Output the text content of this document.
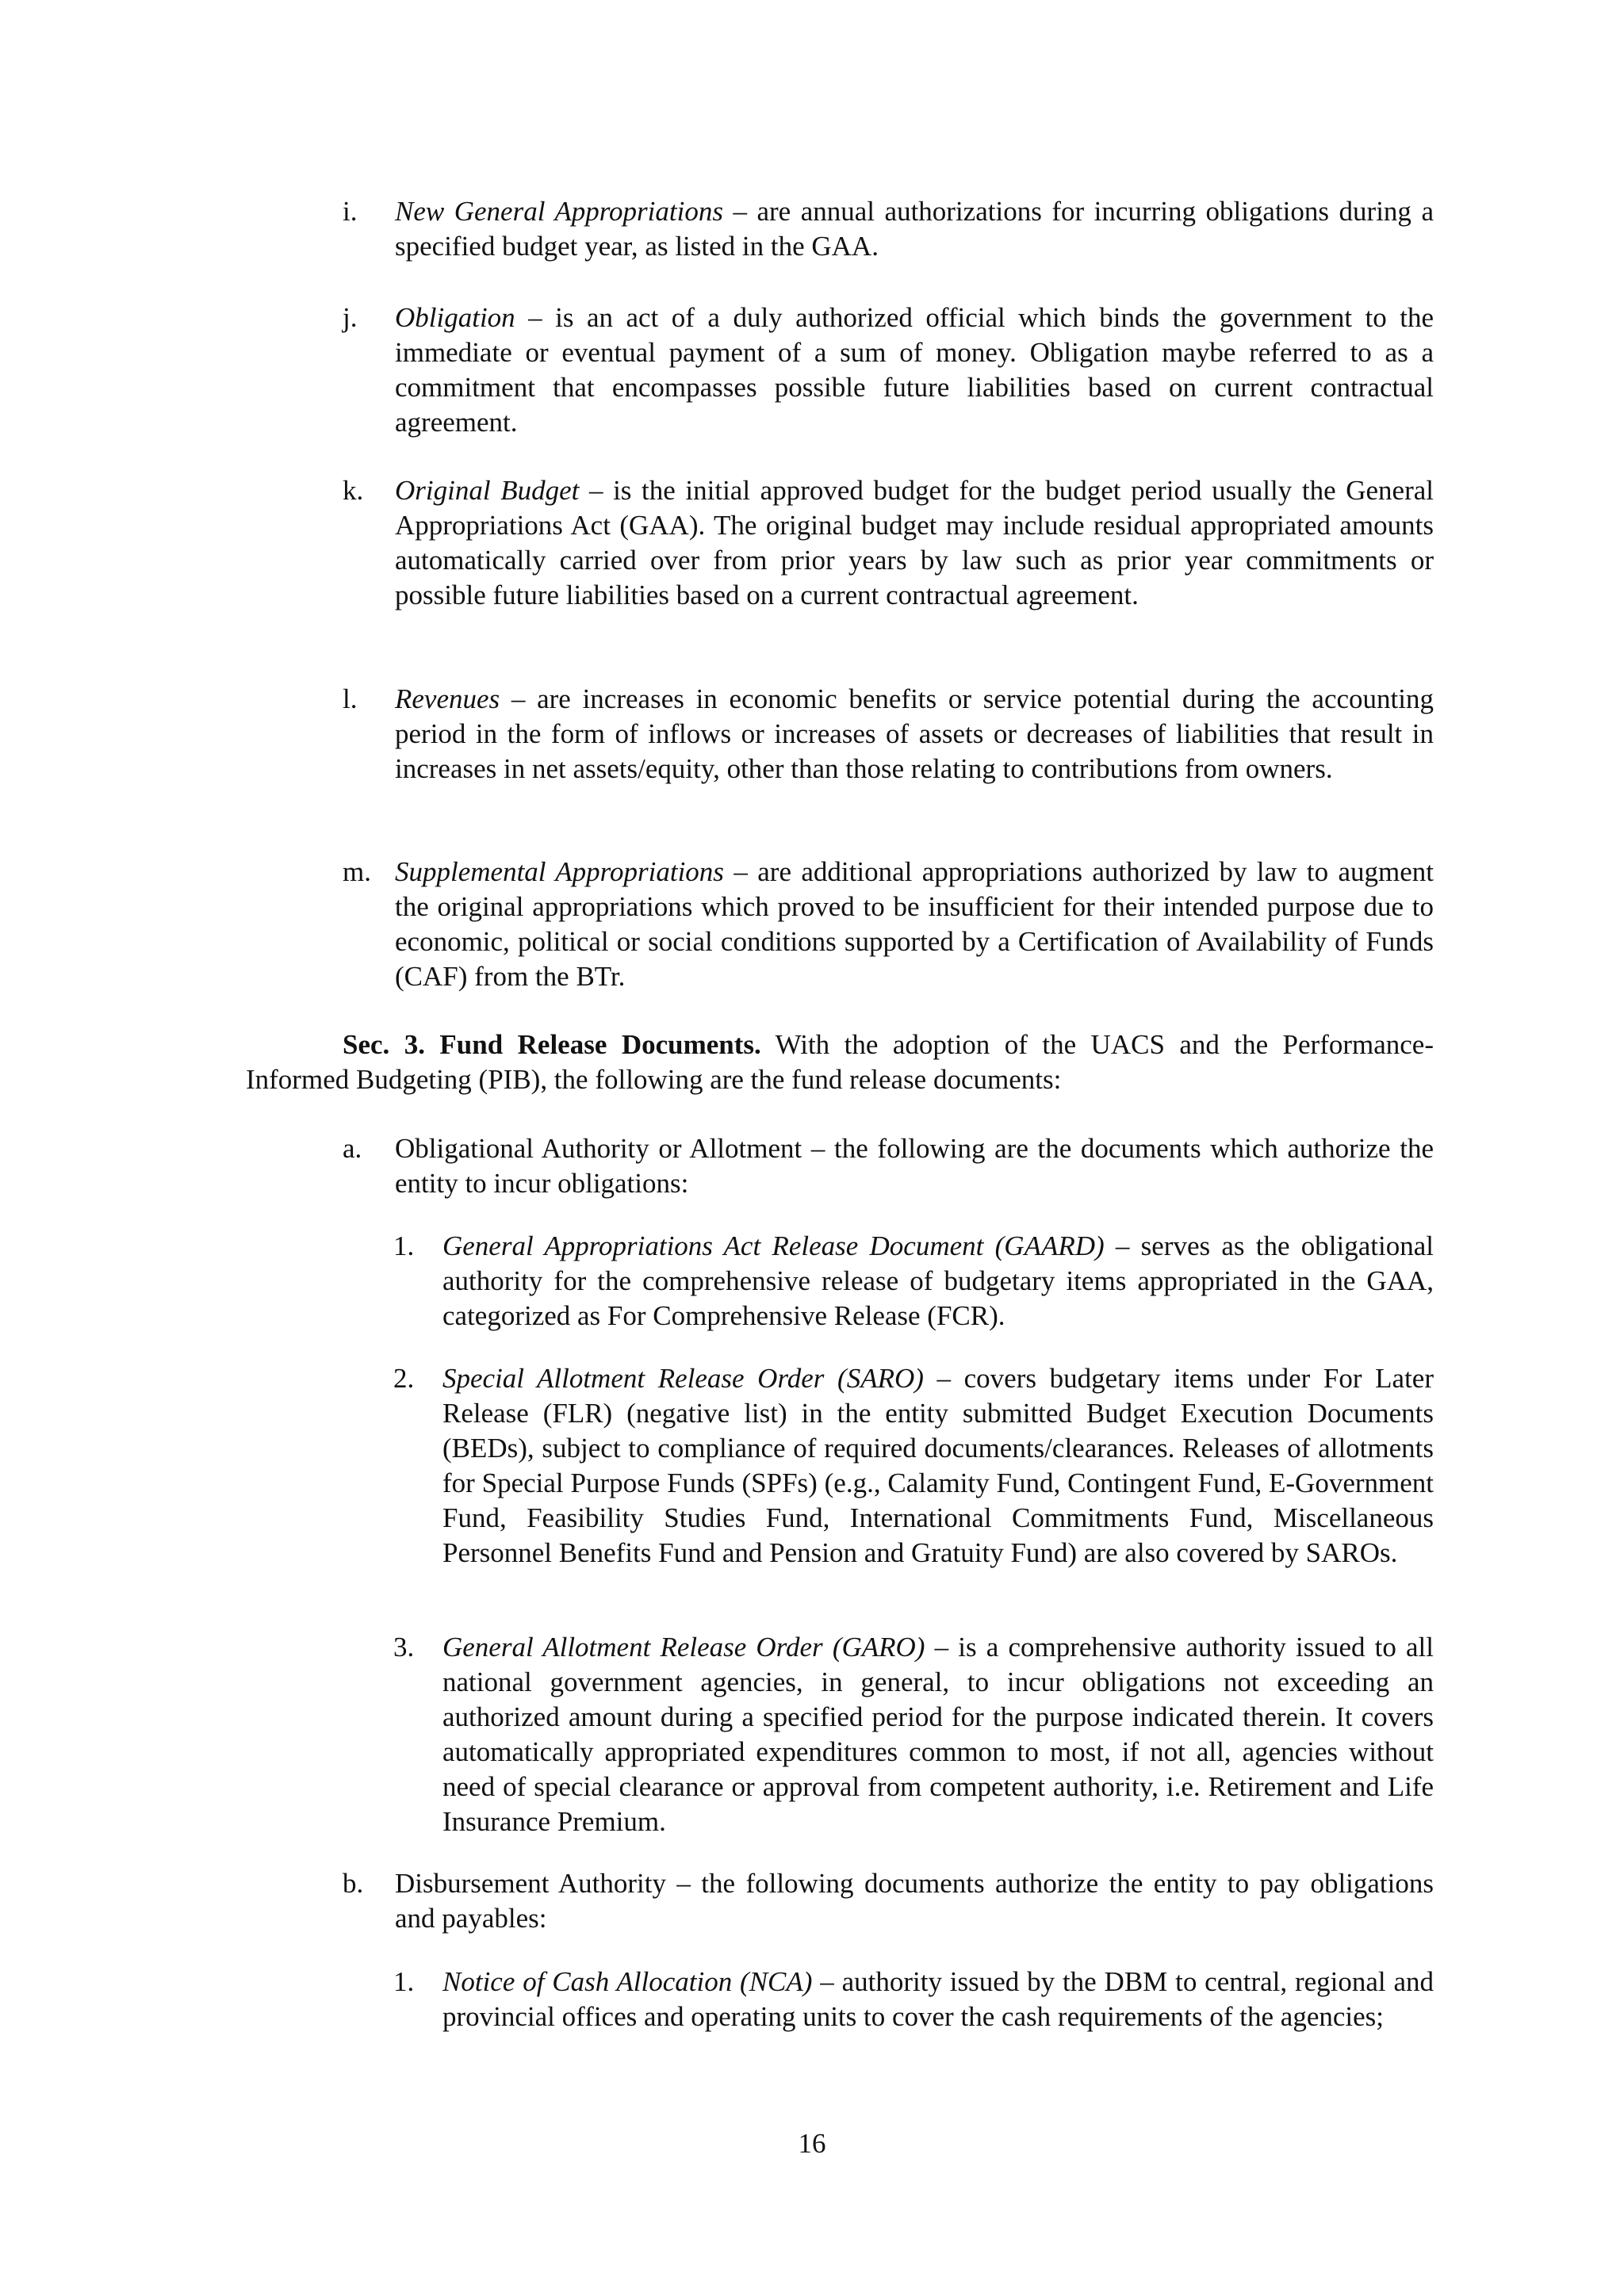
i. New General Appropriations – are annual authorizations for incurring obligations during a specified budget year, as listed in the GAA.
j. Obligation – is an act of a duly authorized official which binds the government to the immediate or eventual payment of a sum of money. Obligation maybe referred to as a commitment that encompasses possible future liabilities based on current contractual agreement.
k. Original Budget – is the initial approved budget for the budget period usually the General Appropriations Act (GAA). The original budget may include residual appropriated amounts automatically carried over from prior years by law such as prior year commitments or possible future liabilities based on a current contractual agreement.
l. Revenues – are increases in economic benefits or service potential during the accounting period in the form of inflows or increases of assets or decreases of liabilities that result in increases in net assets/equity, other than those relating to contributions from owners.
m. Supplemental Appropriations – are additional appropriations authorized by law to augment the original appropriations which proved to be insufficient for their intended purpose due to economic, political or social conditions supported by a Certification of Availability of Funds (CAF) from the BTr.
Sec. 3. Fund Release Documents. With the adoption of the UACS and the Performance-Informed Budgeting (PIB), the following are the fund release documents:
a. Obligational Authority or Allotment – the following are the documents which authorize the entity to incur obligations:
1. General Appropriations Act Release Document (GAARD) – serves as the obligational authority for the comprehensive release of budgetary items appropriated in the GAA, categorized as For Comprehensive Release (FCR).
2. Special Allotment Release Order (SARO) – covers budgetary items under For Later Release (FLR) (negative list) in the entity submitted Budget Execution Documents (BEDs), subject to compliance of required documents/clearances. Releases of allotments for Special Purpose Funds (SPFs) (e.g., Calamity Fund, Contingent Fund, E-Government Fund, Feasibility Studies Fund, International Commitments Fund, Miscellaneous Personnel Benefits Fund and Pension and Gratuity Fund) are also covered by SAROs.
3. General Allotment Release Order (GARO) – is a comprehensive authority issued to all national government agencies, in general, to incur obligations not exceeding an authorized amount during a specified period for the purpose indicated therein. It covers automatically appropriated expenditures common to most, if not all, agencies without need of special clearance or approval from competent authority, i.e. Retirement and Life Insurance Premium.
b. Disbursement Authority – the following documents authorize the entity to pay obligations and payables:
1. Notice of Cash Allocation (NCA) – authority issued by the DBM to central, regional and provincial offices and operating units to cover the cash requirements of the agencies;
16
